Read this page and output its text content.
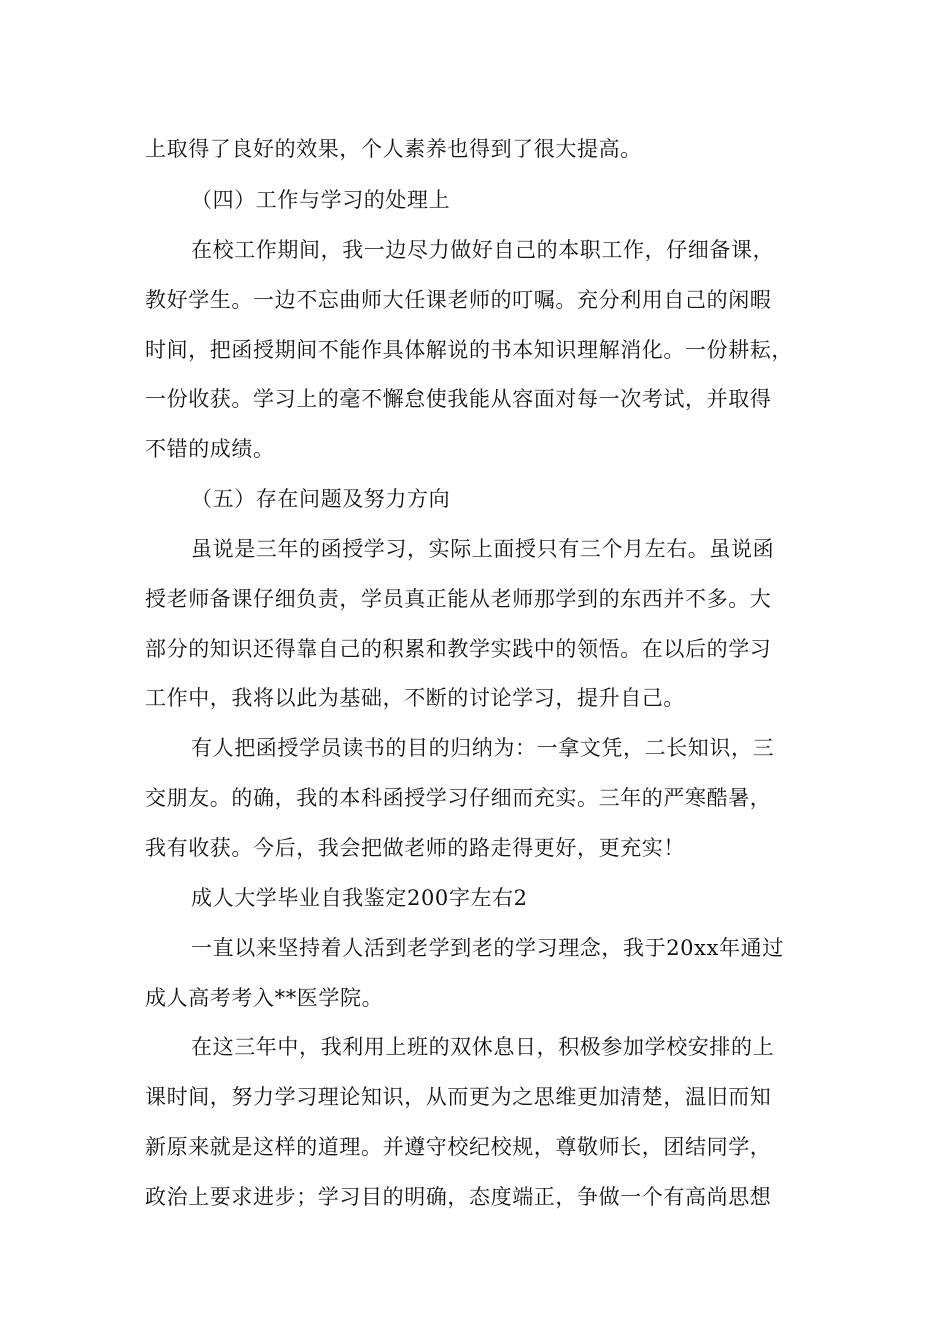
上取得了良好的效果，个人素养也得到了很大提高。
（四）工作与学习的处理上
在校工作期间，我一边尽力做好自己的本职工作，仔细备课，
教好学生。一边不忘曲师大任课老师的叮嘱。充分利用自己的闲暇
时间，把函授期间不能作具体解说的书本知识理解消化。一份耕耘，
一份收获。学习上的毫不懈怠使我能从容面对每一次考试，并取得
不错的成绩。
（五）存在问题及努力方向
虽说是三年的函授学习，实际上面授只有三个月左右。虽说函
授老师备课仔细负责，学员真正能从老师那学到的东西并不多。大
部分的知识还得靠自己的积累和教学实践中的领悟。在以后的学习
工作中，我将以此为基础，不断的讨论学习，提升自己。
有人把函授学员读书的目的归纳为：一拿文凭，二长知识，三
交朋友。的确，我的本科函授学习仔细而充实。三年的严寒酷暑，
我有收获。今后，我会把做老师的路走得更好，更充实！
成人大学毕业自我鉴定200字左右2
一直以来坚持着人活到老学到老的学习理念，我于20xx年通过
成人高考考入**医学院。
在这三年中，我利用上班的双休息日，积极参加学校安排的上
课时间，努力学习理论知识，从而更为之思维更加清楚，温旧而知
新原来就是这样的道理。并遵守校纪校规，尊敬师长，团结同学，
政治上要求进步；学习目的明确，态度端正，争做一个有高尚思想
